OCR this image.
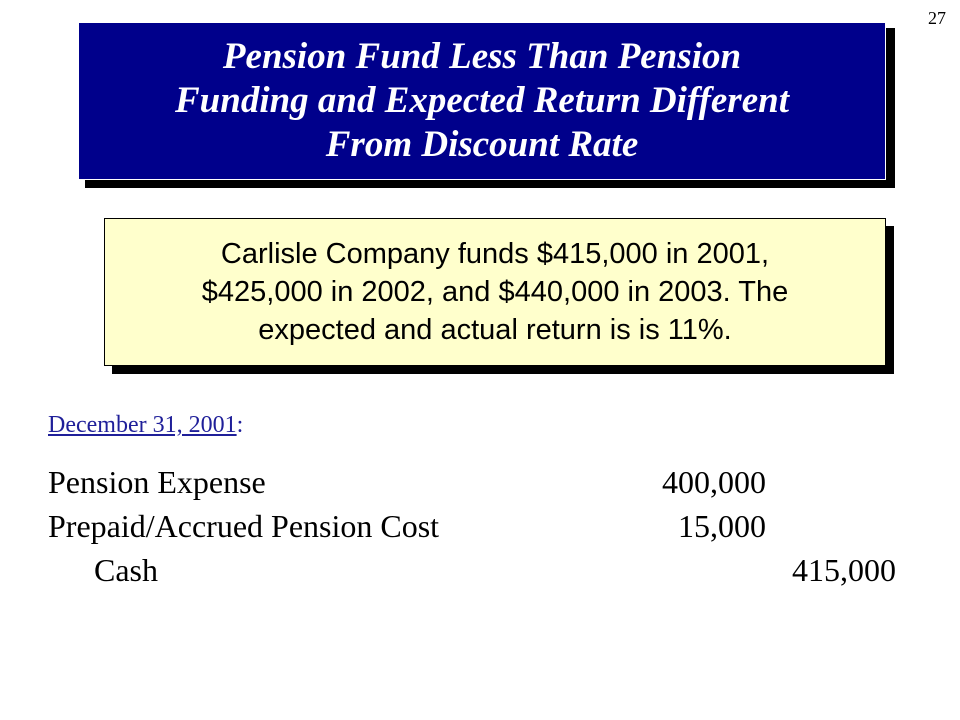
27
Pension Fund Less Than Pension
Funding and Expected Return Different
From Discount Rate
Carlisle Company funds $415,000 in 2001,
$425,000 in 2002, and $440,000 in 2003. The
expected and actual return is is 11%.
December 31, 2001:
Pension Expense	400,000
Prepaid/Accrued Pension Cost	15,000
Cash	415,000
